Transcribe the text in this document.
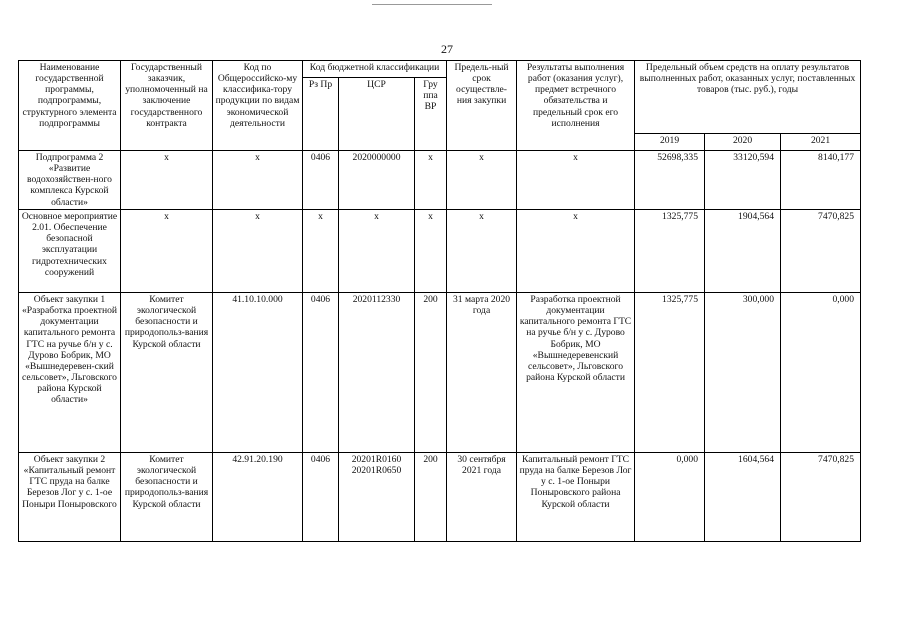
27
Наименование государственной программы, подпрограммы, структурного элемента подпрограммы	Государственный заказчик, уполномоченный на заключение государственного контракта	Код по Общероссийско-му классифика-тору продукции по видам экономической деятельности	Код бюджетной классификации			Предель-ный срок осуществле-ния закупки	Результаты выполнения работ (оказания услуг), предмет встречного обязательства и предельный срок его исполнения	Предельный объем средств на оплату результатов выполненных работ, оказанных услуг, поставленных товаров (тыс. руб.), годы		
			Рз Пр	ЦСР	Гру ппа ВР					
								2019	2020	2021
Подпрограмма 2 «Развитие водохозяйствен-ного комплекса Курской области»	х	х	0406	2020000000	х	х	х	52698,335	33120,594	8140,177
Основное мероприятие 2.01. Обеспечение безопасной эксплуатации гидротехнических сооружений	х	х	х	х	х	х	х	1325,775	1904,564	7470,825
Объект закупки 1 «Разработка проектной документации капитального ремонта ГТС на ручье б/н у с. Дурово Бобрик, МО «Вышнедеревен-ский сельсовет», Льговского района Курской области»	Комитет экологической безопасности и природопольз-вания Курской области	41.10.10.000	0406	2020112330	200	31 марта 2020 года	Разработка проектной документации капитального ремонта ГТС на ручье б/н у с. Дурово Бобрик, МО «Вышнедеревенский сельсовет», Льговского района Курской области	1325,775	300,000	0,000
Объект закупки 2 «Капитальный ремонт ГТС пруда на балке Березов Лог у с. 1-ое Поныри Поныровского	Комитет экологической безопасности и природопольз-вания Курской области	42.91.20.190	0406	20201R0160 20201R0650	200	30 сентября 2021 года	Капитальный ремонт ГТС пруда на балке Березов Лог у с. 1-ое Поныри Поныровского района Курской области	0,000	1604,564	7470,825
